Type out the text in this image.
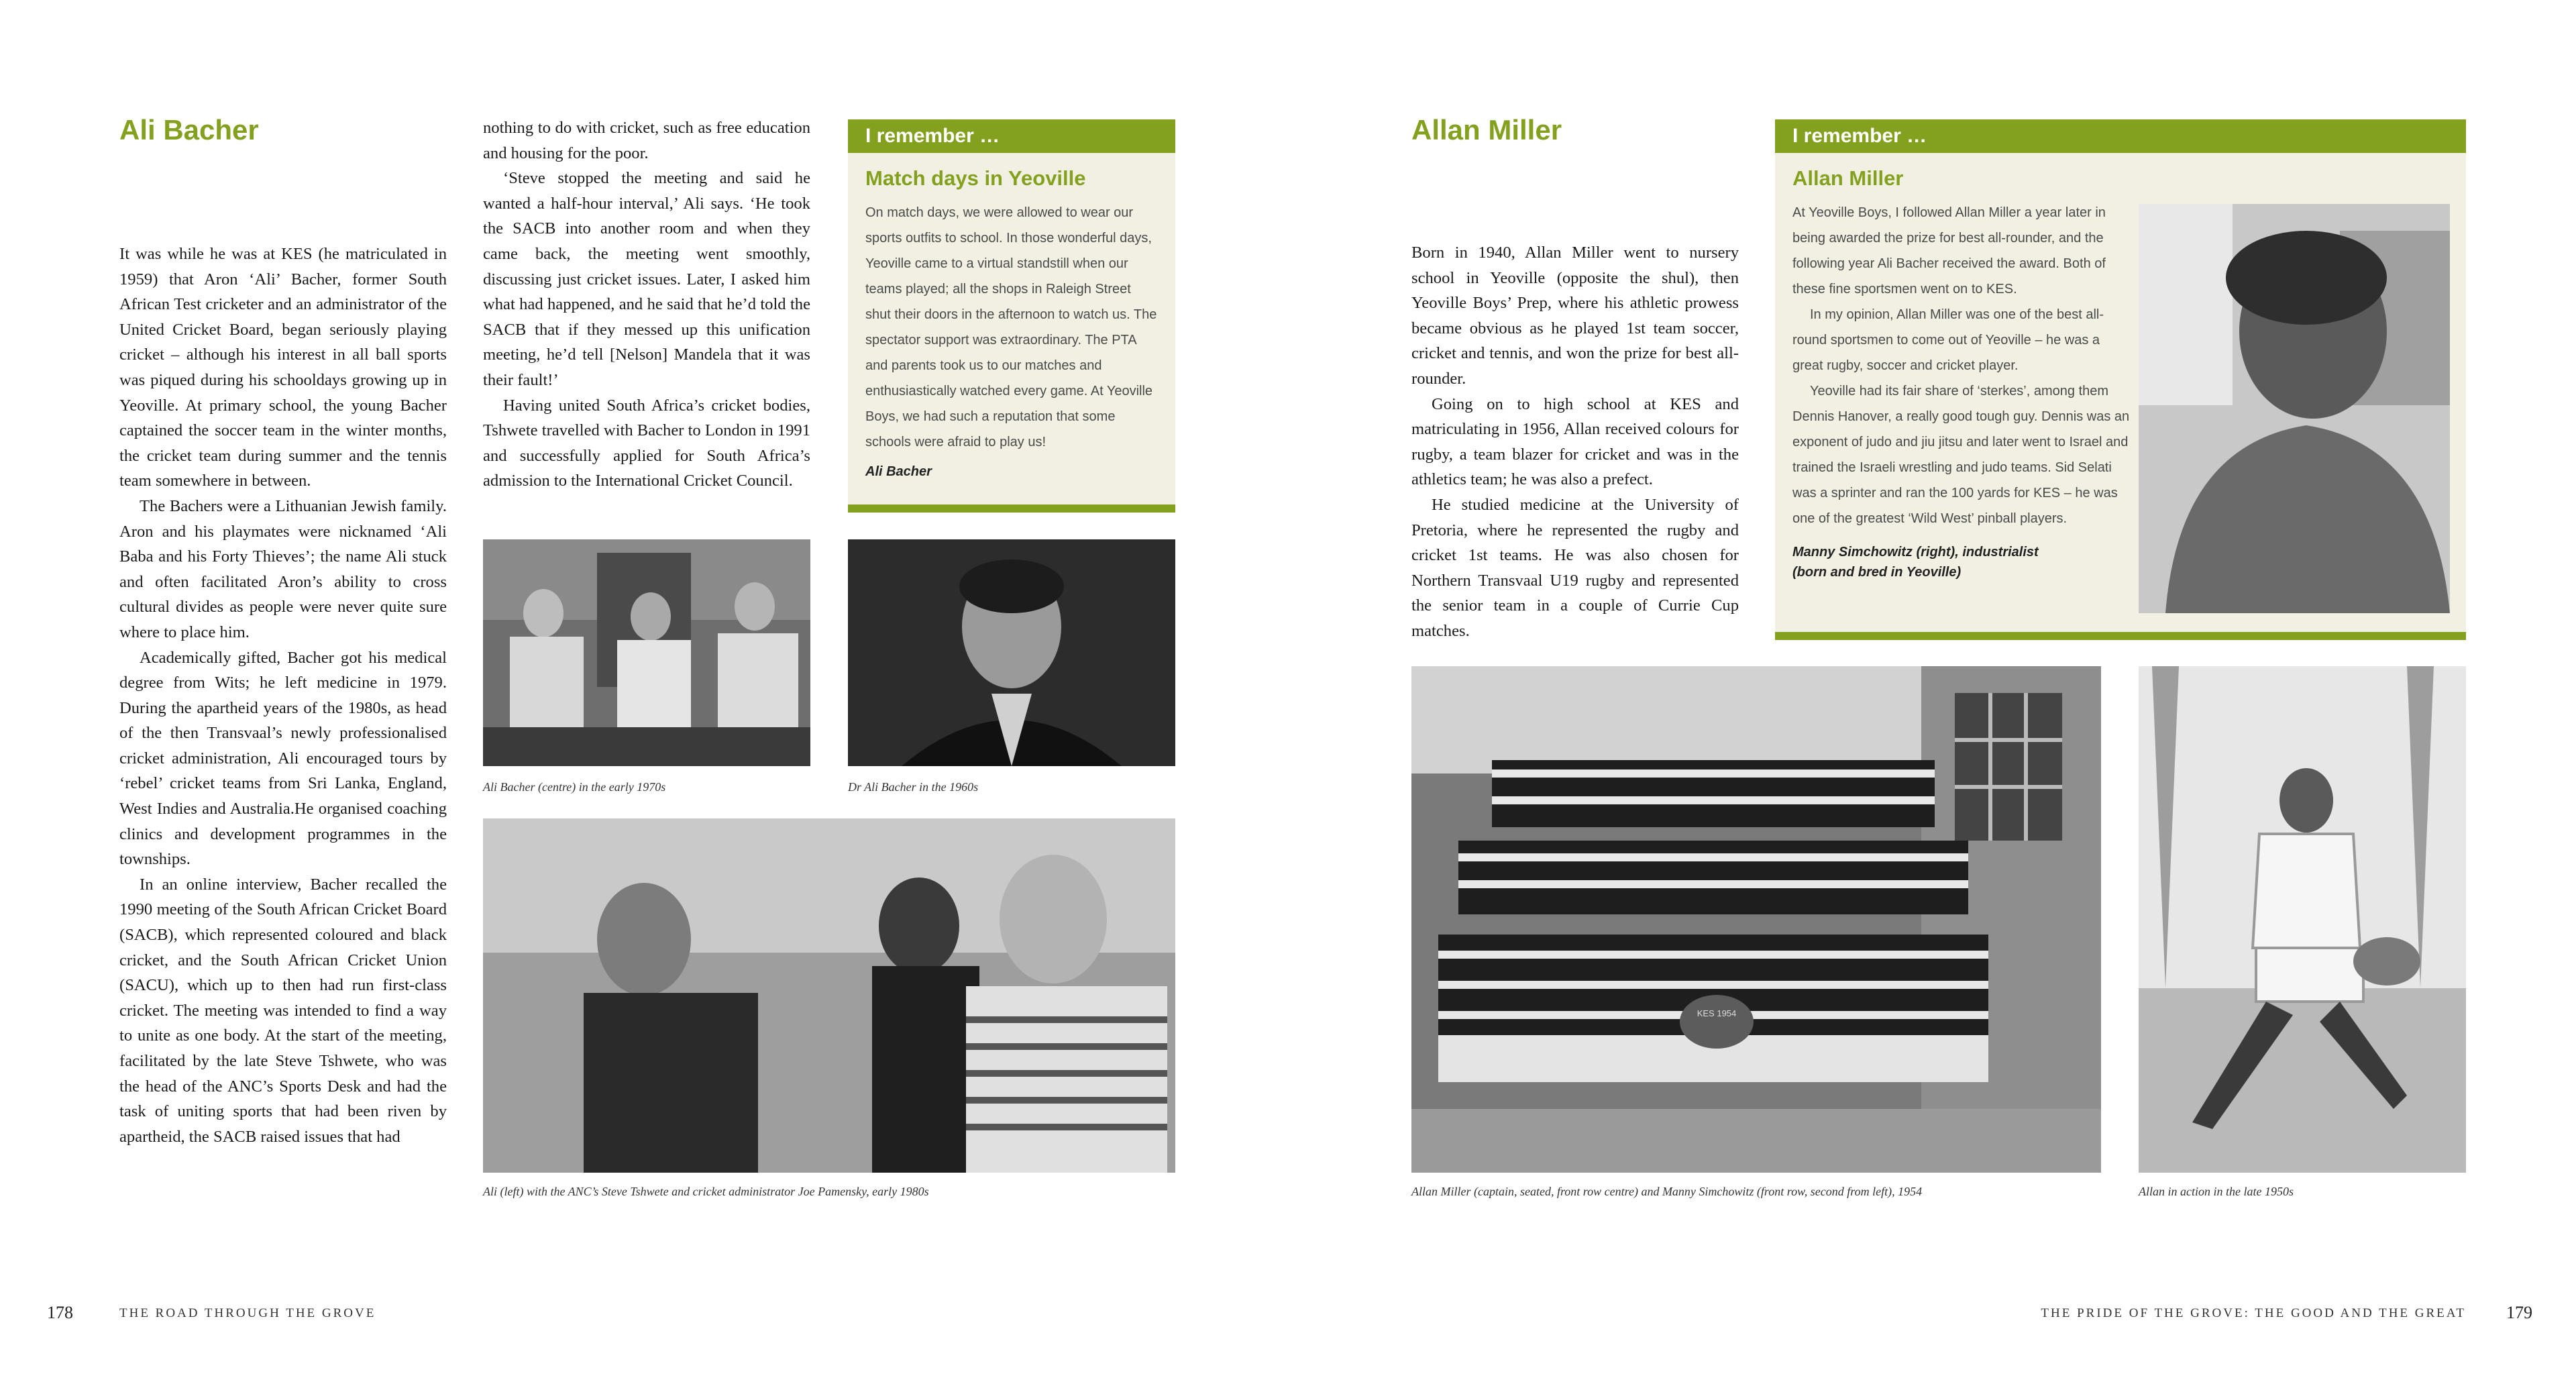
Ali Bacher

It was while he was at KES (he matriculated in 1959) that Aron ‘Ali’ Bacher, former South African Test cricketer and an administrator of the United Cricket Board, began seriously playing cricket – although his interest in all ball sports was piqued during his schooldays growing up in Yeoville. At primary school, the young Bacher captained the soccer team in the winter months, the cricket team during summer and the tennis team somewhere in between.

The Bachers were a Lithuanian Jewish family. Aron and his playmates were nicknamed ‘Ali Baba and his Forty Thieves’; the name Ali stuck and often facilitated Aron’s ability to cross cultural divides as people were never quite sure where to place him.

Academically gifted, Bacher got his medical degree from Wits; he left medicine in 1979. During the apartheid years of the 1980s, as head of the then Transvaal’s newly professionalised cricket administration, Ali encouraged tours by ‘rebel’ cricket teams from Sri Lanka, England, West Indies and Australia.He organised coaching clinics and development programmes in the townships.

In an online interview, Bacher recalled the 1990 meeting of the South African Cricket Board (SACB), which represented coloured and black cricket, and the South African Cricket Union (SACU), which up to then had run first-class cricket. The meeting was intended to find a way to unite as one body. At the start of the meeting, facilitated by the late Steve Tshwete, who was the head of the ANC’s Sports Desk and had the task of uniting sports that had been riven by apartheid, the SACB raised issues that had

nothing to do with cricket, such as free education and housing for the poor.

‘Steve stopped the meeting and said he wanted a half-hour interval,’ Ali says. ‘He took the SACB into another room and when they came back, the meeting went smoothly, discussing just cricket issues. Later, I asked him what had happened, and he said that he’d told the SACB that if they messed up this unification meeting, he’d tell [Nelson] Mandela that it was their fault!’

Having united South Africa’s cricket bodies, Tshwete travelled with Bacher to London in 1991 and successfully applied for South Africa’s admission to the International Cricket Council.

I remember …
Match days in Yeoville

On match days, we were allowed to wear our sports outfits to school. In those wonderful days, Yeoville came to a virtual standstill when our teams played; all the shops in Raleigh Street shut their doors in the afternoon to watch us. The spectator support was extraordinary. The PTA and parents took us to our matches and enthusiastically watched every game. At Yeoville Boys, we had such a reputation that some schools were afraid to play us!

Ali Bacher
Ali Bacher (centre) in the early 1970s	Dr Ali Bacher in the 1960s
Ali (left) with the ANC’s Steve Tshwete and cricket administrator Joe Pamensky, early 1980s
178	THE ROAD THROUGH THE GROVE
Allan Miller

Born in 1940, Allan Miller went to nursery school in Yeoville (opposite the shul), then Yeoville Boys’ Prep, where his athletic prowess became obvious as he played 1st team soccer, cricket and tennis, and won the prize for best all-rounder.

Going on to high school at KES and matriculating in 1956, Allan received colours for rugby, a team blazer for cricket and was in the athletics team; he was also a prefect.

He studied medicine at the University of Pretoria, where he represented the rugby and cricket 1st teams. He was also chosen for Northern Transvaal U19 rugby and represented the senior team in a couple of Currie Cup matches.

I remember …
Allan Miller

At Yeoville Boys, I followed Allan Miller a year later in being awarded the prize for best all-rounder, and the following year Ali Bacher received the award. Both of these fine sportsmen went on to KES.

In my opinion, Allan Miller was one of the best all-round sportsmen to come out of Yeoville – he was a great rugby, soccer and cricket player.

Yeoville had its fair share of ‘sterkes’, among them Dennis Hanover, a really good tough guy. Dennis was an exponent of judo and jiu jitsu and later went to Israel and trained the Israeli wrestling and judo teams. Sid Selati was a sprinter and ran the 100 yards for KES – he was one of the greatest ‘Wild West’ pinball players.

Manny Simchowitz (right), industrialist
(born and bred in Yeoville)
KES 1954
Allan Miller (captain, seated, front row centre) and Manny Simchowitz (front row, second from left), 1954	Allan in action in the late 1950s
THE PRIDE OF THE GROVE: THE GOOD AND THE GREAT 179
